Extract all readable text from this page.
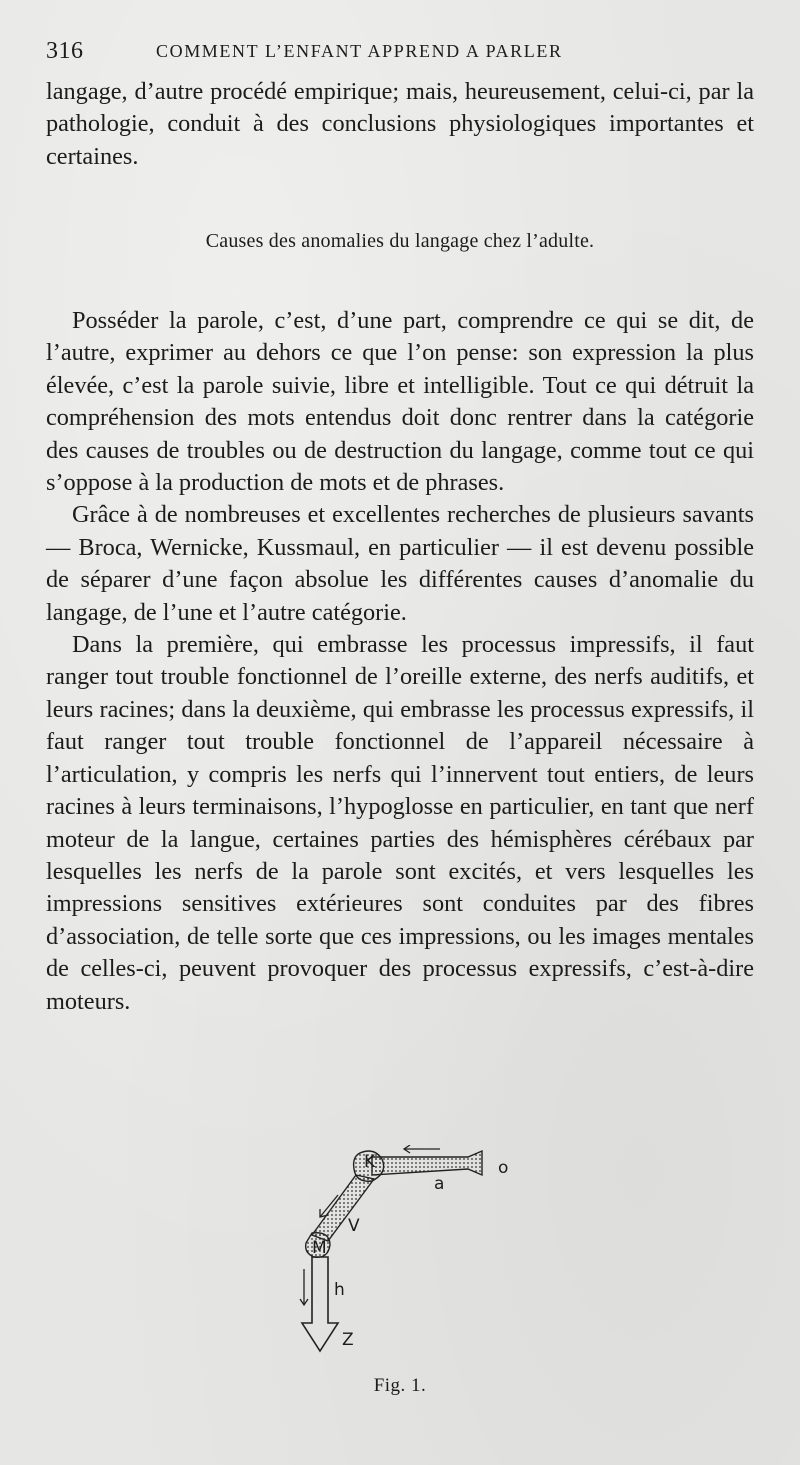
316	COMMENT L’ENFANT APPREND A PARLER

langage, d’autre procédé empirique; mais, heureusement, celui-ci, par la pathologie, conduit à des conclusions physiologiques importantes et certaines.

Causes des anomalies du langage chez l’adulte.

Posséder la parole, c’est, d’une part, comprendre ce qui se dit, de l’autre, exprimer au dehors ce que l’on pense: son expression la plus élevée, c’est la parole suivie, libre et intelligible. Tout ce qui détruit la compréhension des mots entendus doit donc rentrer dans la catégorie des causes de troubles ou de destruction du langage, comme tout ce qui s’oppose à la production de mots et de phrases.

Grâce à de nombreuses et excellentes recherches de plusieurs savants — Broca, Wernicke, Kussmaul, en particulier — il est devenu possible de séparer d’une façon absolue les différentes causes d’anomalie du langage, de l’une et l’autre catégorie.

Dans la première, qui embrasse les processus impressifs, il faut ranger tout trouble fonctionnel de l’oreille externe, des nerfs auditifs, et leurs racines; dans la deuxième, qui embrasse les processus expressifs, il faut ranger tout trouble fonctionnel de l’appareil nécessaire à l’articulation, y compris les nerfs qui l’innervent tout entiers, de leurs racines à leurs terminaisons, l’hypoglosse en particulier, en tant que nerf moteur de la langue, certaines parties des hémisphères cérébaux par lesquelles les nerfs de la parole sont excités, et vers lesquelles les impressions sensitives extérieures sont conduites par des fibres d’association, de telle sorte que ces impressions, ou les images mentales de celles-ci, peuvent provoquer des processus expressifs, c’est-à-dire moteurs.

K
a
o
V
M
h
Z
Fig. 1.
